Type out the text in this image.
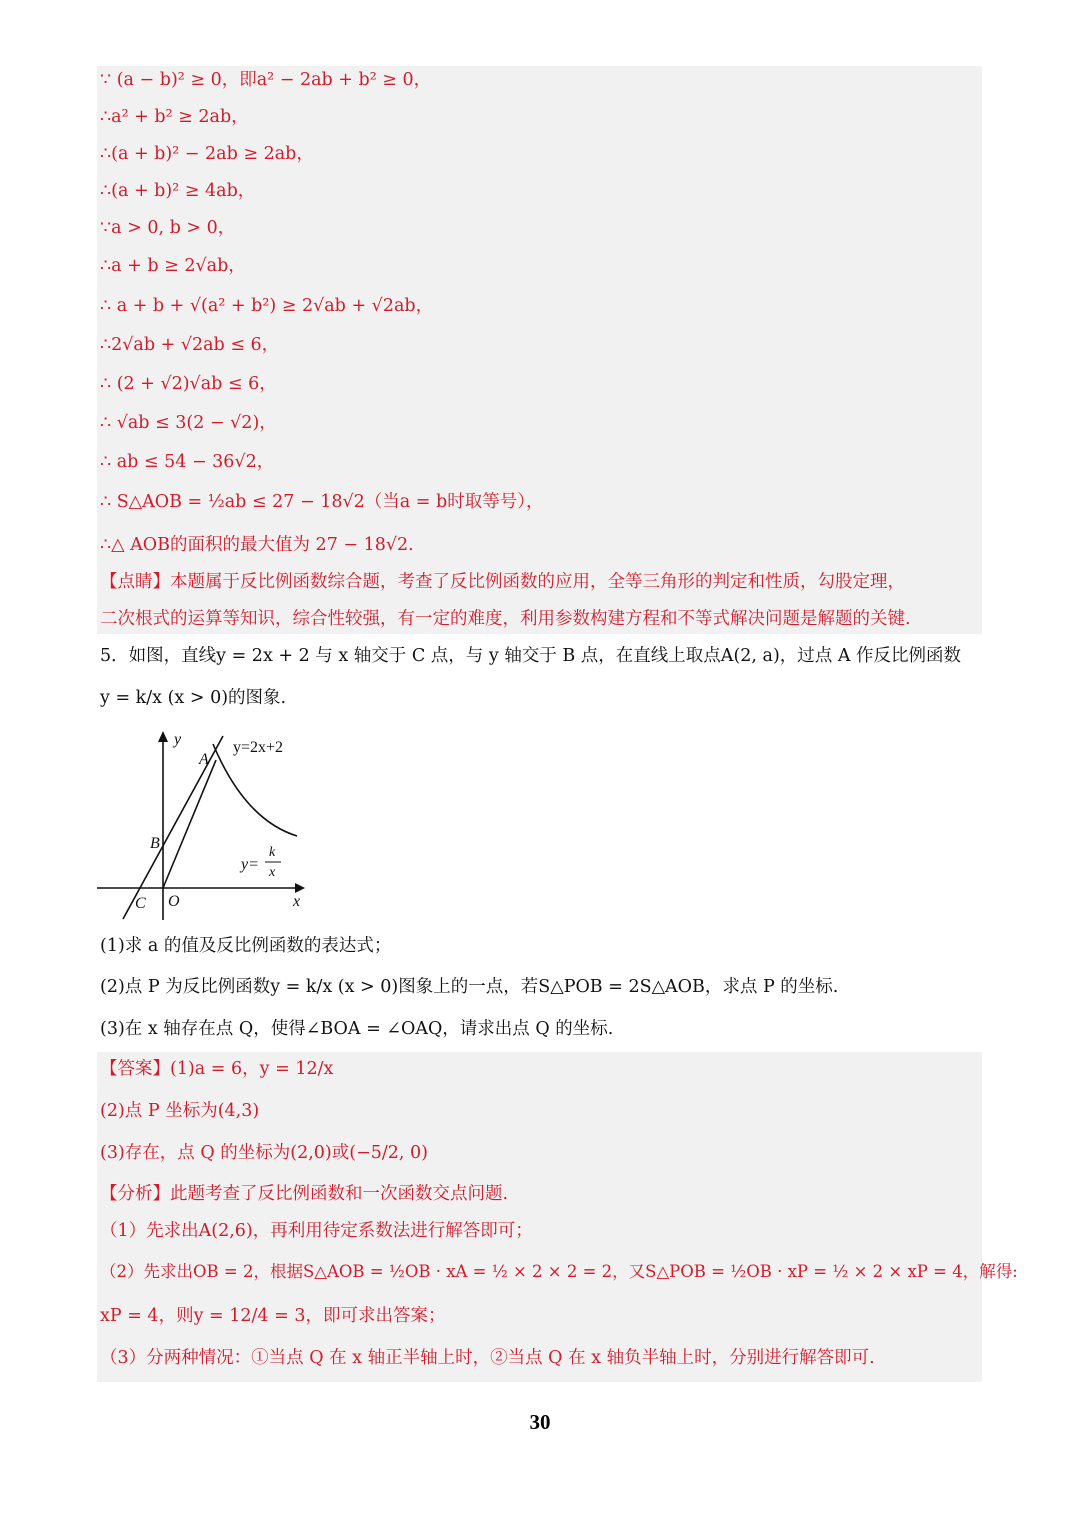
∵ (a − b)² ≥ 0，即a² − 2ab + b² ≥ 0，
∴a² + b² ≥ 2ab，
∴(a + b)² − 2ab ≥ 2ab，
∴(a + b)² ≥ 4ab，
∵a > 0, b > 0，
∴a + b ≥ 2√ab，
∴ a + b + √(a² + b²) ≥ 2√ab + √2ab，
∴2√ab + √2ab ≤ 6，
∴ (2 + √2)√ab ≤ 6，
∴ √ab ≤ 3(2 − √2)，
∴ ab ≤ 54 − 36√2，
∴ S△AOB = ½ab ≤ 27 − 18√2（当a = b时取等号），
∴△ AOB的面积的最大值为 27 − 18√2.
【点睛】本题属于反比例函数综合题，考查了反比例函数的应用，全等三角形的判定和性质，勾股定理，
二次根式的运算等知识，综合性较强，有一定的难度，利用参数构建方程和不等式解决问题是解题的关键.
5．如图，直线y = 2x + 2 与 x 轴交于 C 点，与 y 轴交于 B 点，在直线上取点A(2, a)，过点 A 作反比例函数
y = k/x (x > 0)的图象.
y
x
A
B
C O
y=2x+2
y=
k
x
(1)求 a 的值及反比例函数的表达式；
(2)点 P 为反比例函数y = k/x (x > 0)图象上的一点，若S△POB = 2S△AOB，求点 P 的坐标.
(3)在 x 轴存在点 Q，使得∠BOA = ∠OAQ，请求出点 Q 的坐标.
【答案】(1)a = 6，y = 12/x
(2)点 P 坐标为(4,3)
(3)存在，点 Q 的坐标为(2,0)或(−5/2, 0)
【分析】此题考查了反比例函数和一次函数交点问题.
（1）先求出A(2,6)，再利用待定系数法进行解答即可；
（2）先求出OB = 2，根据S△AOB = ½OB · xA = ½ × 2 × 2 = 2，又S△POB = ½OB · xP = ½ × 2 × xP = 4，解得:
xP = 4，则y = 12/4 = 3，即可求出答案；
（3）分两种情况：①当点 Q 在 x 轴正半轴上时，②当点 Q 在 x 轴负半轴上时，分别进行解答即可.
30
